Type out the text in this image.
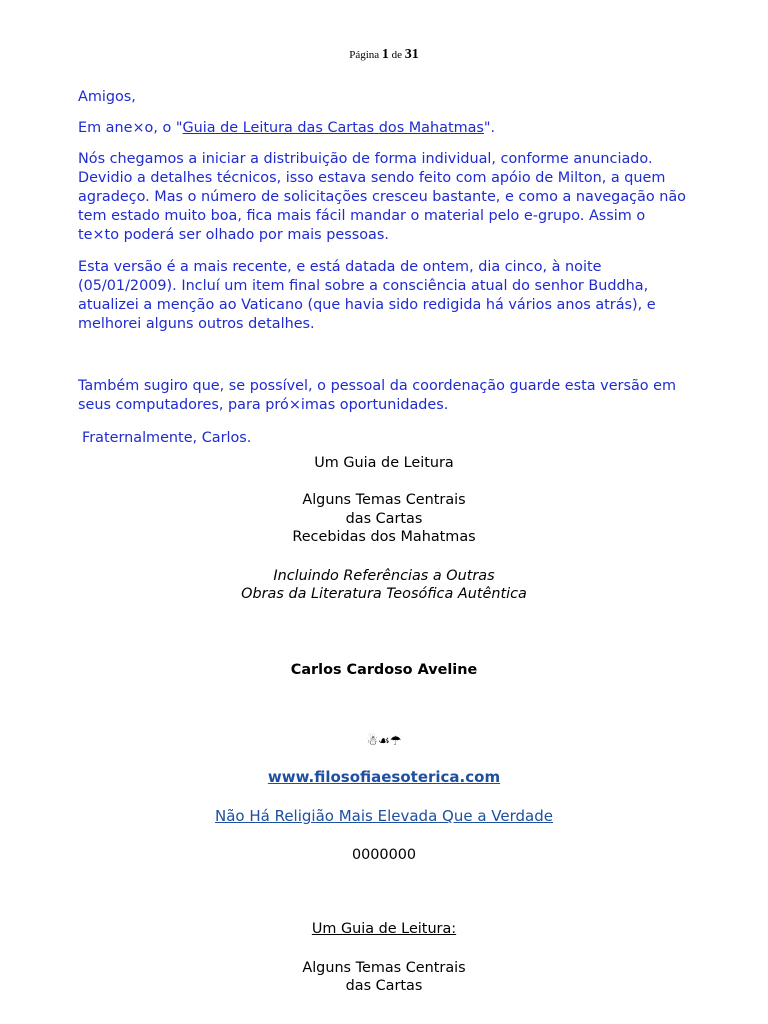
Página 1 de 31

Amigos,

Em ane×o, o "Guia de Leitura das Cartas dos Mahatmas".

Nós chegamos a iniciar a distribuição de forma individual, conforme anunciado. Devidio a detalhes técnicos, isso estava sendo feito com apóio de Milton, a quem agradeço. Mas o número de solicitações cresceu bastante, e como a navegação não tem estado muito boa, fica mais fácil mandar o material pelo e-grupo. Assim o te×to poderá ser olhado por mais pessoas.

Esta versão é a mais recente, e está datada de ontem, dia cinco, à noite (05/01/2009). Incluí um item final sobre a consciência atual do senhor Buddha, atualizei a menção ao Vaticano (que havia sido redigida há vários anos atrás), e melhorei alguns outros detalhes.

Também sugiro que, se possível, o pessoal da coordenação guarde esta versão em seus computadores, para pró×imas oportunidades.

Fraternalmente, Carlos.

Um Guia de Leitura
Alguns Temas Centrais
das Cartas
Recebidas dos Mahatmas
Incluindo Referências a Outras
Obras da Literatura Teosófica Autêntica
Carlos Cardoso Aveline
☃☙☂
www.filosofiaesoterica.com
Não Há Religião Mais Elevada Que a Verdade
0000000
Um Guia de Leitura:
Alguns Temas Centrais
das Cartas
